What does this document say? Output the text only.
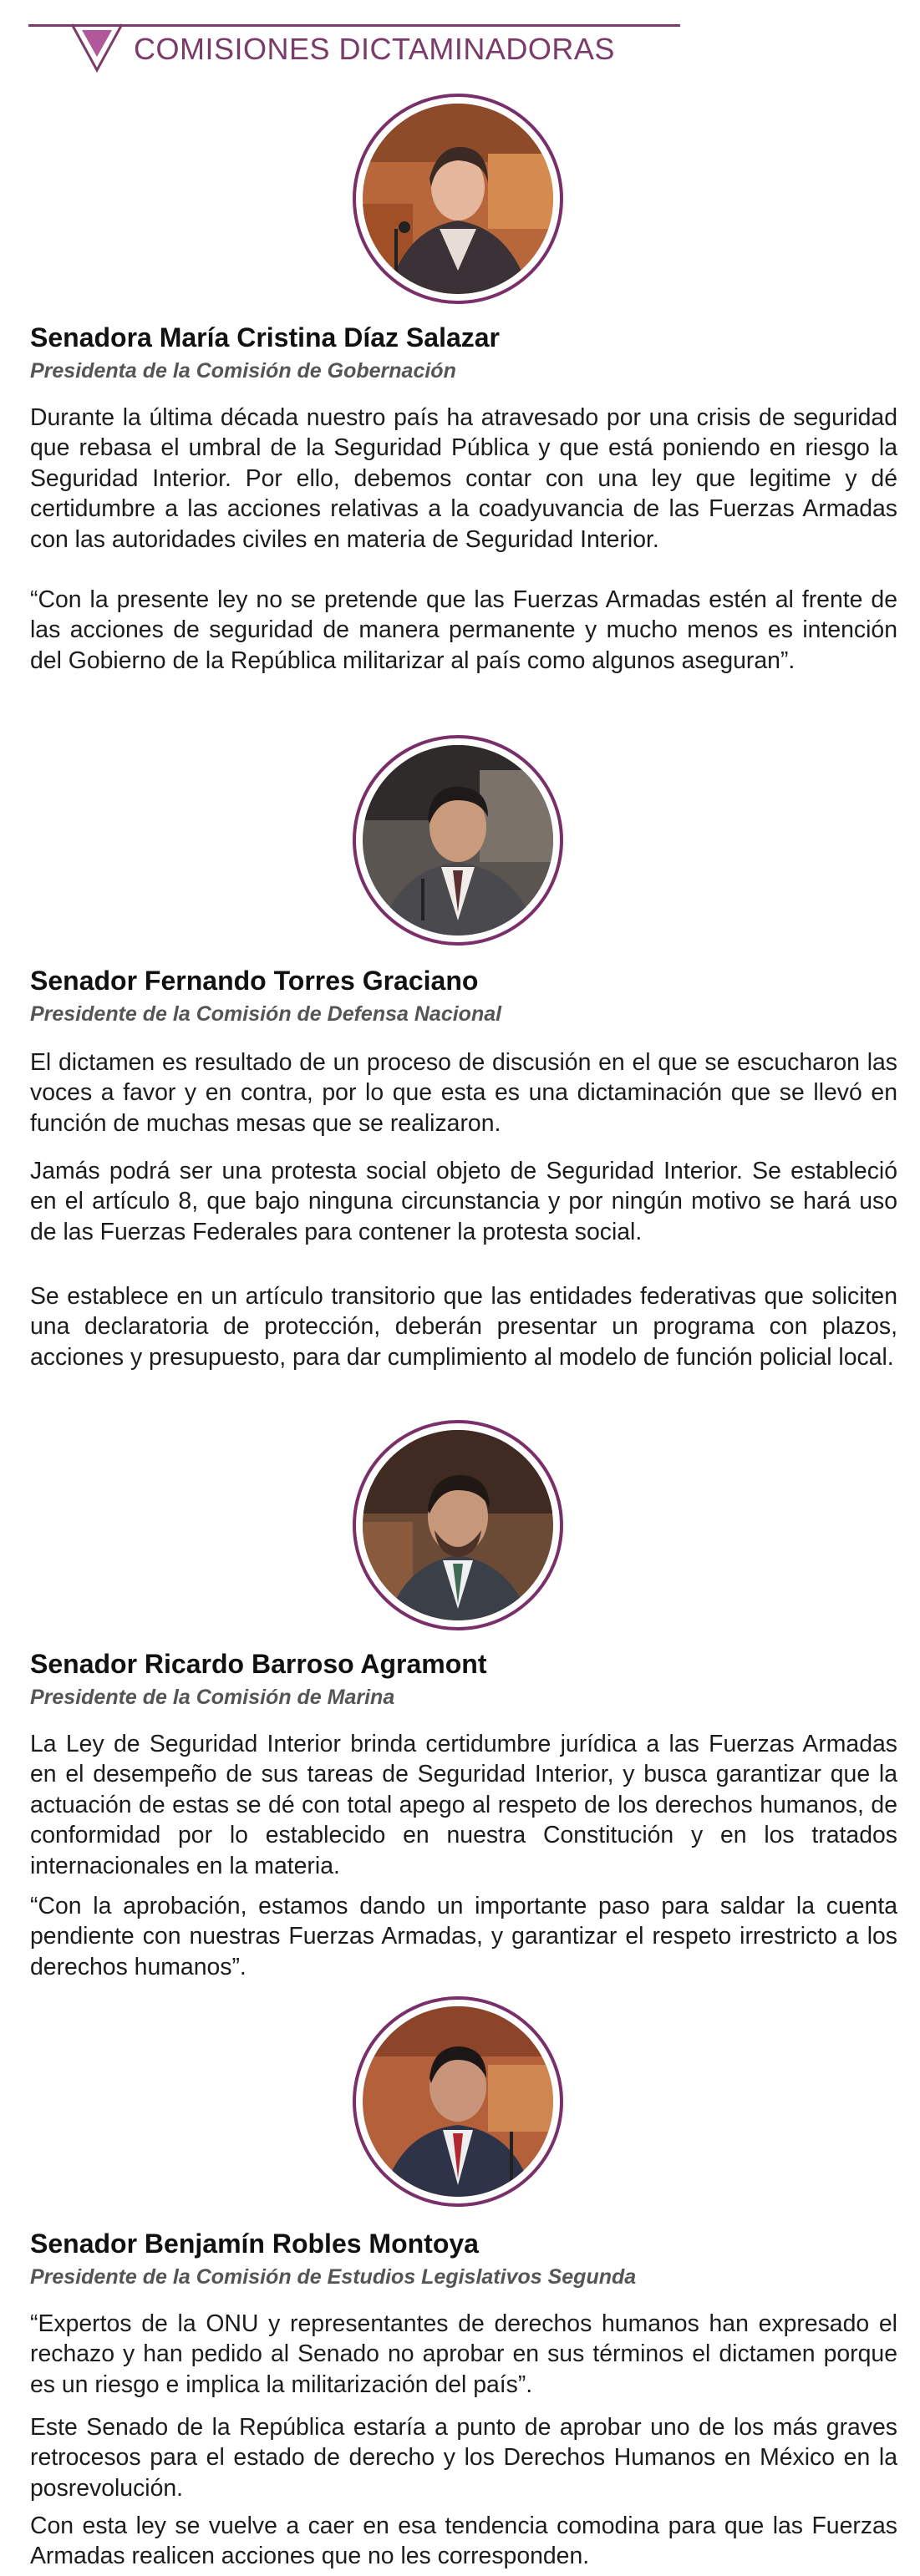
COMISIONES DICTAMINADORAS
Senadora María Cristina Díaz Salazar
Presidenta de la Comisión de Gobernación

Durante la última década nuestro país ha atravesado por una crisis de seguridad que rebasa el umbral de la Seguridad Pública y que está poniendo en riesgo la Seguridad Interior. Por ello, debemos contar con una ley que legitime y dé certidumbre a las acciones relativas a la coadyuvancia de las Fuerzas Armadas con las autoridades civiles en materia de Seguridad Interior.

“Con la presente ley no se pretende que las Fuerzas Armadas estén al frente de las acciones de seguridad de manera permanente y mucho menos es intención del Gobierno de la República militarizar al país como algunos aseguran”.

Senador Fernando Torres Graciano
Presidente de la Comisión de Defensa Nacional

El dictamen es resultado de un proceso de discusión en el que se escucharon las voces a favor y en contra, por lo que esta es una dictaminación que se llevó en función de muchas mesas que se realizaron.

Jamás podrá ser una protesta social objeto de Seguridad Interior. Se estableció en el artículo 8, que bajo ninguna circunstancia y por ningún motivo se hará uso de las Fuerzas Federales para contener la protesta social.

Se establece en un artículo transitorio que las entidades federativas que soliciten una declaratoria de protección, deberán presentar un programa con plazos, acciones y presupuesto, para dar cumplimiento al modelo de función policial local.

Senador Ricardo Barroso Agramont
Presidente de la Comisión de Marina

La Ley de Seguridad Interior brinda certidumbre jurídica a las Fuerzas Armadas en el desempeño de sus tareas de Seguridad Interior, y busca garantizar que la actuación de estas se dé con total apego al respeto de los derechos humanos, de conformidad por lo establecido en nuestra Constitución y en los tratados internacionales en la materia.

“Con la aprobación, estamos dando un importante paso para saldar la cuenta pendiente con nuestras Fuerzas Armadas, y garantizar el respeto irrestricto a los derechos humanos”.

Senador Benjamín Robles Montoya
Presidente de la Comisión de Estudios Legislativos Segunda

“Expertos de la ONU y representantes de derechos humanos han expresado el rechazo y han pedido al Senado no aprobar en sus términos el dictamen porque es un riesgo e implica la militarización del país”.

Este Senado de la República estaría a punto de aprobar uno de los más graves retrocesos para el estado de derecho y los Derechos Humanos en México en la posrevolución.

Con esta ley se vuelve a caer en esa tendencia comodina para que las Fuerzas Armadas realicen acciones que no les corresponden.
